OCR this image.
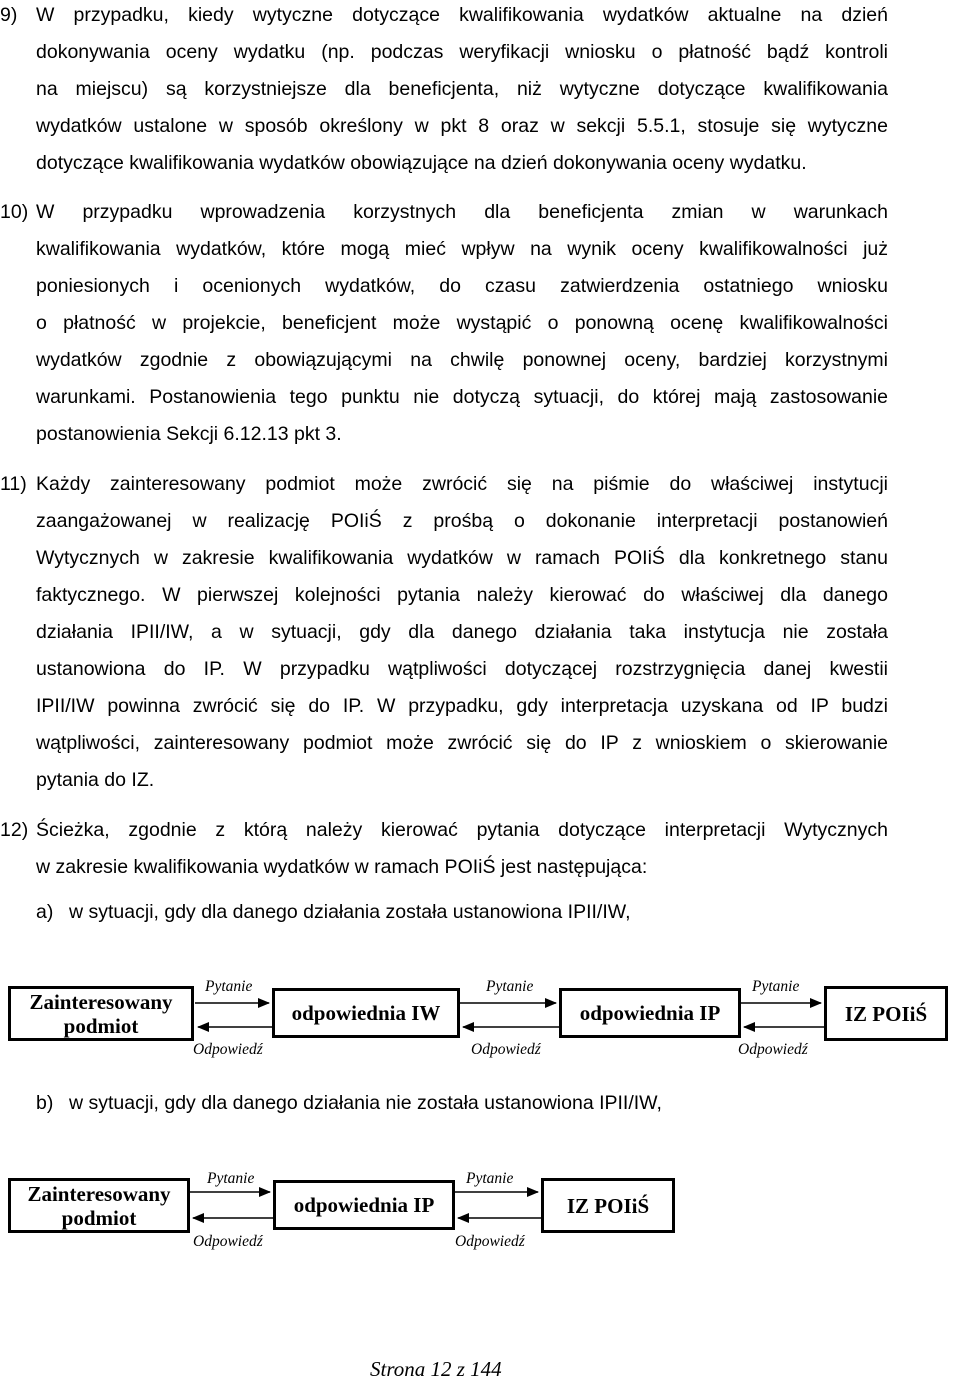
9) W przypadku, kiedy wytyczne dotyczące kwalifikowania wydatków aktualne na dzień

dokonywania oceny wydatku (np. podczas weryfikacji wniosku o płatność bądź kontroli

na miejscu) są korzystniejsze dla beneficjenta, niż wytyczne dotyczące kwalifikowania

wydatków ustalone w sposób określony w pkt 8 oraz w sekcji 5.5.1, stosuje się wytyczne

dotyczące kwalifikowania wydatków obowiązujące na dzień dokonywania oceny wydatku.

10) W przypadku wprowadzenia korzystnych dla beneficjenta zmian w warunkach

kwalifikowania wydatków, które mogą mieć wpływ na wynik oceny kwalifikowalności już

poniesionych i ocenionych wydatków, do czasu zatwierdzenia ostatniego wniosku

o płatność w projekcie, beneficjent może wystąpić o ponowną ocenę kwalifikowalności

wydatków zgodnie z obowiązującymi na chwilę ponownej oceny, bardziej korzystnymi

warunkami. Postanowienia tego punktu nie dotyczą sytuacji, do której mają zastosowanie

postanowienia Sekcji 6.12.13 pkt 3.

11) Każdy zainteresowany podmiot może zwrócić się na piśmie do właściwej instytucji

zaangażowanej w realizację POIiŚ z prośbą o dokonanie interpretacji postanowień

Wytycznych w zakresie kwalifikowania wydatków w ramach POIiŚ dla konkretnego stanu

faktycznego. W pierwszej kolejności pytania należy kierować do właściwej dla danego

działania IPII/IW, a w sytuacji, gdy dla danego działania taka instytucja nie została

ustanowiona do IP. W przypadku wątpliwości dotyczącej rozstrzygnięcia danej kwestii

IPII/IW powinna zwrócić się do IP. W przypadku, gdy interpretacja uzyskana od IP budzi

wątpliwości, zainteresowany podmiot może zwrócić się do IP z wnioskiem o skierowanie

pytania do IZ.

12) Ścieżka, zgodnie z którą należy kierować pytania dotyczące interpretacji Wytycznych

w zakresie kwalifikowania wydatków w ramach POIiŚ jest następująca:

a) w sytuacji, gdy dla danego działania została ustanowiona IPII/IW,

Zainteresowany podmiot
odpowiednia IW	odpowiednia IP	IZ POIiŚ
Pytanie
Odpowiedź
Pytanie
Odpowiedź
Pytanie
Odpowiedź
b) w sytuacji, gdy dla danego działania nie została ustanowiona IPII/IW,

Zainteresowany podmiot
odpowiednia IP	IZ POIiŚ
Pytanie
Odpowiedź
Pytanie
Odpowiedź
Strona 12 z 144
